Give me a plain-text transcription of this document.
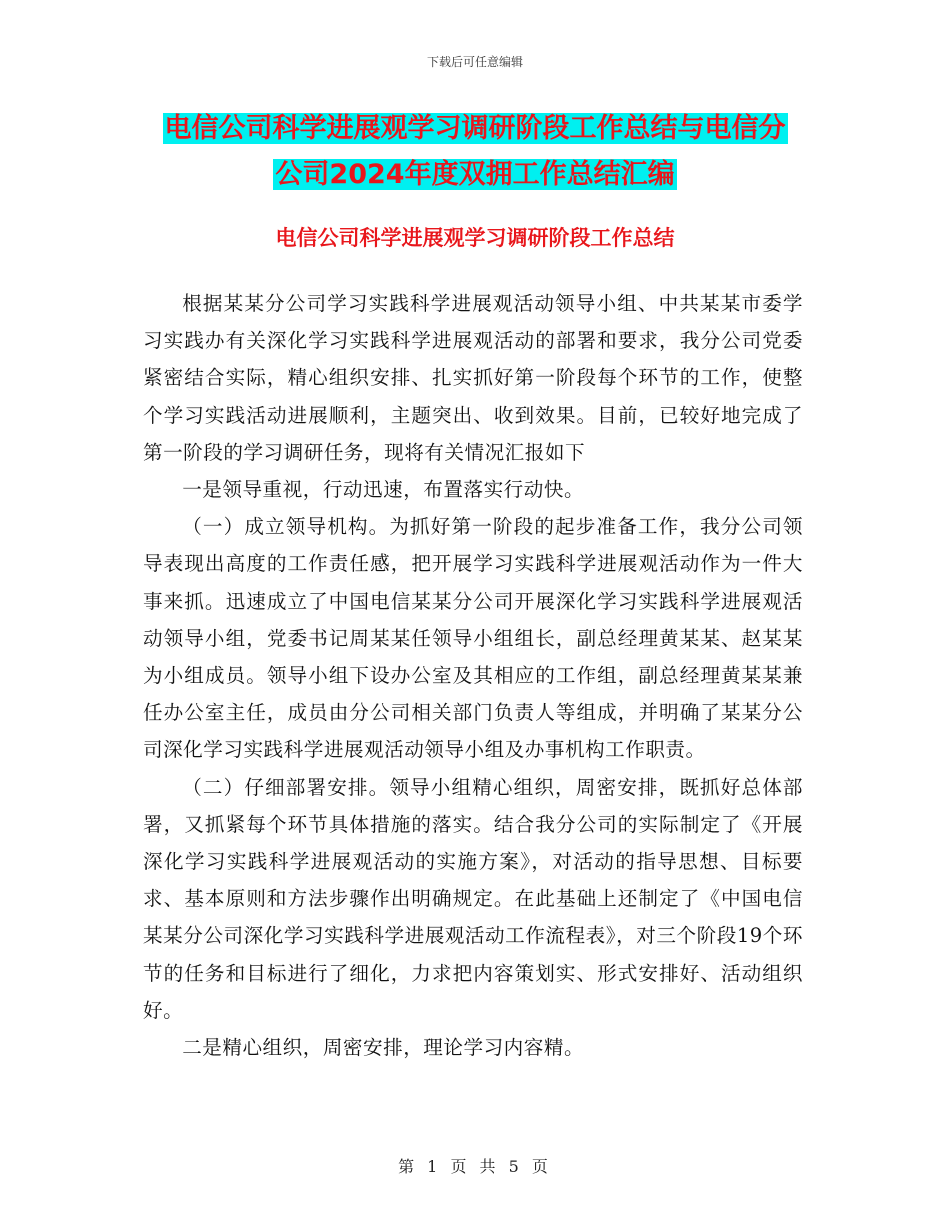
下载后可任意编辑
电信公司科学进展观学习调研阶段工作总结与电信分
公司2024年度双拥工作总结汇编
电信公司科学进展观学习调研阶段工作总结

根据某某分公司学习实践科学进展观活动领导小组、中共某某市委学习实践办有关深化学习实践科学进展观活动的部署和要求，我分公司党委紧密结合实际，精心组织安排、扎实抓好第一阶段每个环节的工作，使整个学习实践活动进展顺利，主题突出、收到效果。目前，已较好地完成了第一阶段的学习调研任务，现将有关情况汇报如下

一是领导重视，行动迅速，布置落实行动快。

（一）成立领导机构。为抓好第一阶段的起步准备工作，我分公司领导表现出高度的工作责任感，把开展学习实践科学进展观活动作为一件大事来抓。迅速成立了中国电信某某分公司开展深化学习实践科学进展观活动领导小组，党委书记周某某任领导小组组长，副总经理黄某某、赵某某为小组成员。领导小组下设办公室及其相应的工作组，副总经理黄某某兼任办公室主任，成员由分公司相关部门负责人等组成，并明确了某某分公司深化学习实践科学进展观活动领导小组及办事机构工作职责。

（二）仔细部署安排。领导小组精心组织，周密安排，既抓好总体部署，又抓紧每个环节具体措施的落实。结合我分公司的实际制定了《开展深化学习实践科学进展观活动的实施方案》，对活动的指导思想、目标要求、基本原则和方法步骤作出明确规定。在此基础上还制定了《中国电信某某分公司深化学习实践科学进展观活动工作流程表》，对三个阶段19个环节的任务和目标进行了细化，力求把内容策划实、形式安排好、活动组织好。

二是精心组织，周密安排，理论学习内容精。

第 1 页 共 5 页
